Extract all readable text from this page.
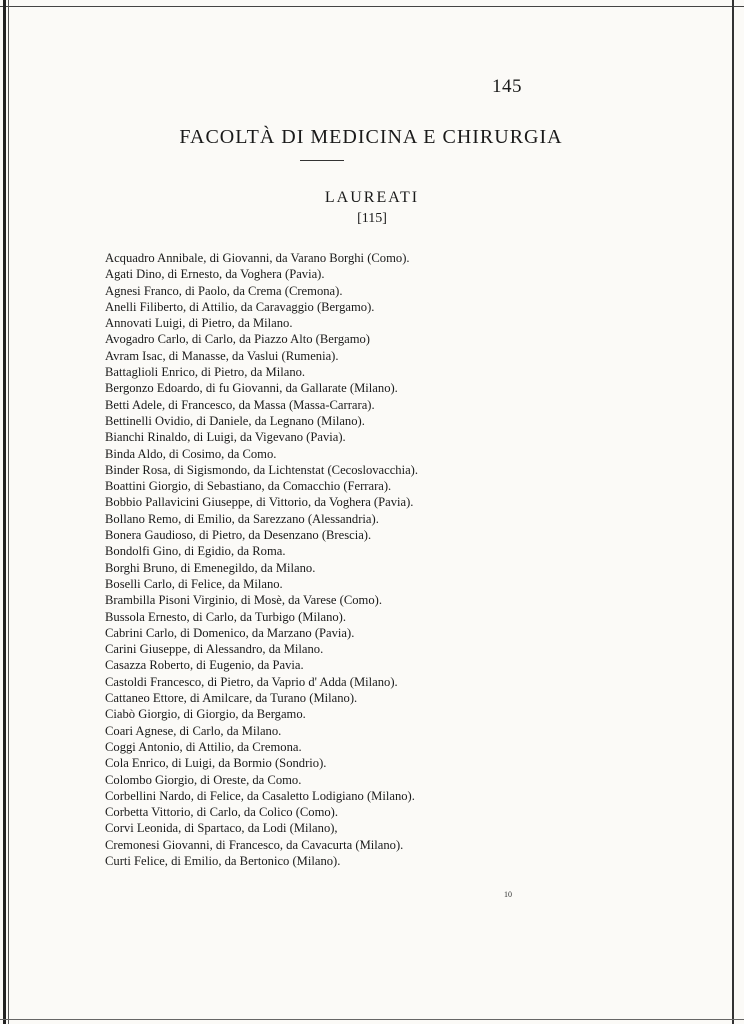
145
FACOLTÀ DI MEDICINA E CHIRURGIA
LAUREATI
[115]
Acquadro Annibale, di Giovanni, da Varano Borghi (Como).
Agati Dino, di Ernesto, da Voghera (Pavia).
Agnesi Franco, di Paolo, da Crema (Cremona).
Anelli Filiberto, di Attilio, da Caravaggio (Bergamo).
Annovati Luigi, di Pietro, da Milano.
Avogadro Carlo, di Carlo, da Piazzo Alto (Bergamo)
Avram Isac, di Manasse, da Vaslui (Rumenia).
Battaglioli Enrico, di Pietro, da Milano.
Bergonzo Edoardo, di fu Giovanni, da Gallarate (Milano).
Betti Adele, di Francesco, da Massa (Massa-Carrara).
Bettinelli Ovidio, di Daniele, da Legnano (Milano).
Bianchi Rinaldo, di Luigi, da Vigevano (Pavia).
Binda Aldo, di Cosimo, da Como.
Binder Rosa, di Sigismondo, da Lichtenstat (Cecoslovacchia).
Boattini Giorgio, di Sebastiano, da Comacchio (Ferrara).
Bobbio Pallavicini Giuseppe, di Vittorio, da Voghera (Pavia).
Bollano Remo, di Emilio, da Sarezzano (Alessandria).
Bonera Gaudioso, di Pietro, da Desenzano (Brescia).
Bondolfi Gino, di Egidio, da Roma.
Borghi Bruno, di Emenegildo, da Milano.
Boselli Carlo, di Felice, da Milano.
Brambilla Pisoni Virginio, di Mosè, da Varese (Como).
Bussola Ernesto, di Carlo, da Turbigo (Milano).
Cabrini Carlo, di Domenico, da Marzano (Pavia).
Carini Giuseppe, di Alessandro, da Milano.
Casazza Roberto, di Eugenio, da Pavia.
Castoldi Francesco, di Pietro, da Vaprio d' Adda (Milano).
Cattaneo Ettore, di Amilcare, da Turano (Milano).
Ciabò Giorgio, di Giorgio, da Bergamo.
Coari Agnese, di Carlo, da Milano.
Coggi Antonio, di Attilio, da Cremona.
Cola Enrico, di Luigi, da Bormio (Sondrio).
Colombo Giorgio, di Oreste, da Como.
Corbellini Nardo, di Felice, da Casaletto Lodigiano (Milano).
Corbetta Vittorio, di Carlo, da Colico (Como).
Corvi Leonida, di Spartaco, da Lodi (Milano),
Cremonesi Giovanni, di Francesco, da Cavacurta (Milano).
Curti Felice, di Emilio, da Bertonico (Milano).
10
